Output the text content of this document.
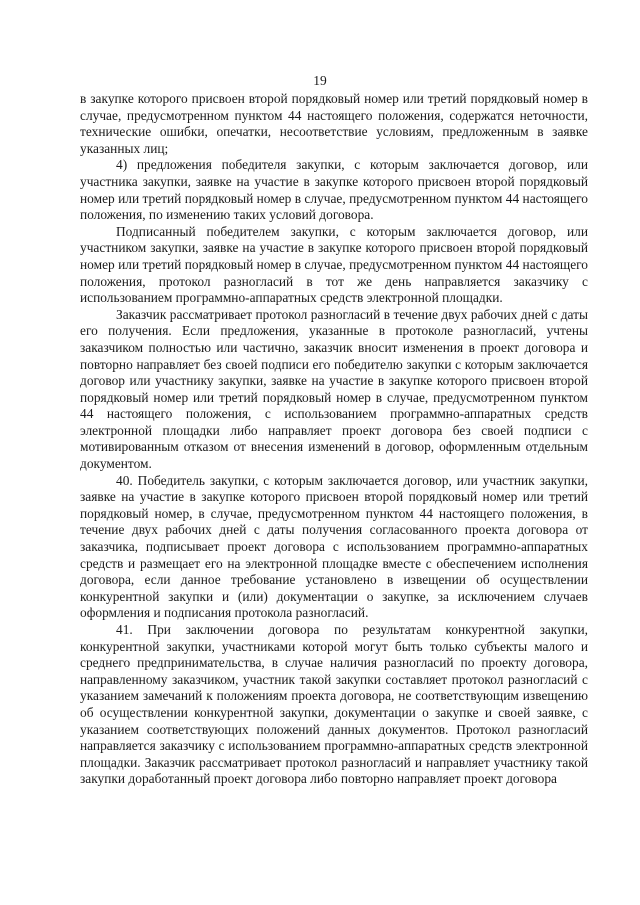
19

в закупке которого присвоен второй порядковый номер или третий порядковый номер в случае, предусмотренном пунктом 44 настоящего положения, содержатся неточности, технические ошибки, опечатки, несоответствие условиям, предложенным в заявке указанных лиц;

4) предложения победителя закупки, с которым заключается договор, или участника закупки, заявке на участие в закупке которого присвоен второй порядковый номер или третий порядковый номер в случае, предусмотренном пунктом 44 настоящего положения, по изменению таких условий договора.

Подписанный победителем закупки, с которым заключается договор, или участником закупки, заявке на участие в закупке которого присвоен второй порядковый номер или третий порядковый номер в случае, предусмотренном пунктом 44 настоящего положения, протокол разногласий в тот же день направляется заказчику с использованием программно-аппаратных средств электронной площадки.

Заказчик рассматривает протокол разногласий в течение двух рабочих дней с даты его получения. Если предложения, указанные в протоколе разногласий, учтены заказчиком полностью или частично, заказчик вносит изменения в проект договора и повторно направляет без своей подписи его победителю закупки с которым заключается договор или участнику закупки, заявке на участие в закупке которого присвоен второй порядковый номер или третий порядковый номер в случае, предусмотренном пунктом 44 настоящего положения, с использованием программно-аппаратных средств электронной площадки либо направляет проект договора без своей подписи с мотивированным отказом от внесения изменений в договор, оформленным отдельным документом.

40. Победитель закупки, с которым заключается договор, или участник закупки, заявке на участие в закупке которого присвоен второй порядковый номер или третий порядковый номер, в случае, предусмотренном пунктом 44 настоящего положения, в течение двух рабочих дней с даты получения согласованного проекта договора от заказчика, подписывает проект договора с использованием программно-аппаратных средств и размещает его на электронной площадке вместе с обеспечением исполнения договора, если данное требование установлено в извещении об осуществлении конкурентной закупки и (или) документации о закупке, за исключением случаев оформления и подписания протокола разногласий.

41. При заключении договора по результатам конкурентной закупки, конкурентной закупки, участниками которой могут быть только субъекты малого и среднего предпринимательства, в случае наличия разногласий по проекту договора, направленному заказчиком, участник такой закупки составляет протокол разногласий с указанием замечаний к положениям проекта договора, не соответствующим извещению об осуществлении конкурентной закупки, документации о закупке и своей заявке, с указанием соответствующих положений данных документов. Протокол разногласий направляется заказчику с использованием программно-аппаратных средств электронной площадки. Заказчик рассматривает протокол разногласий и направляет участнику такой закупки доработанный проект договора либо повторно направляет проект договора
